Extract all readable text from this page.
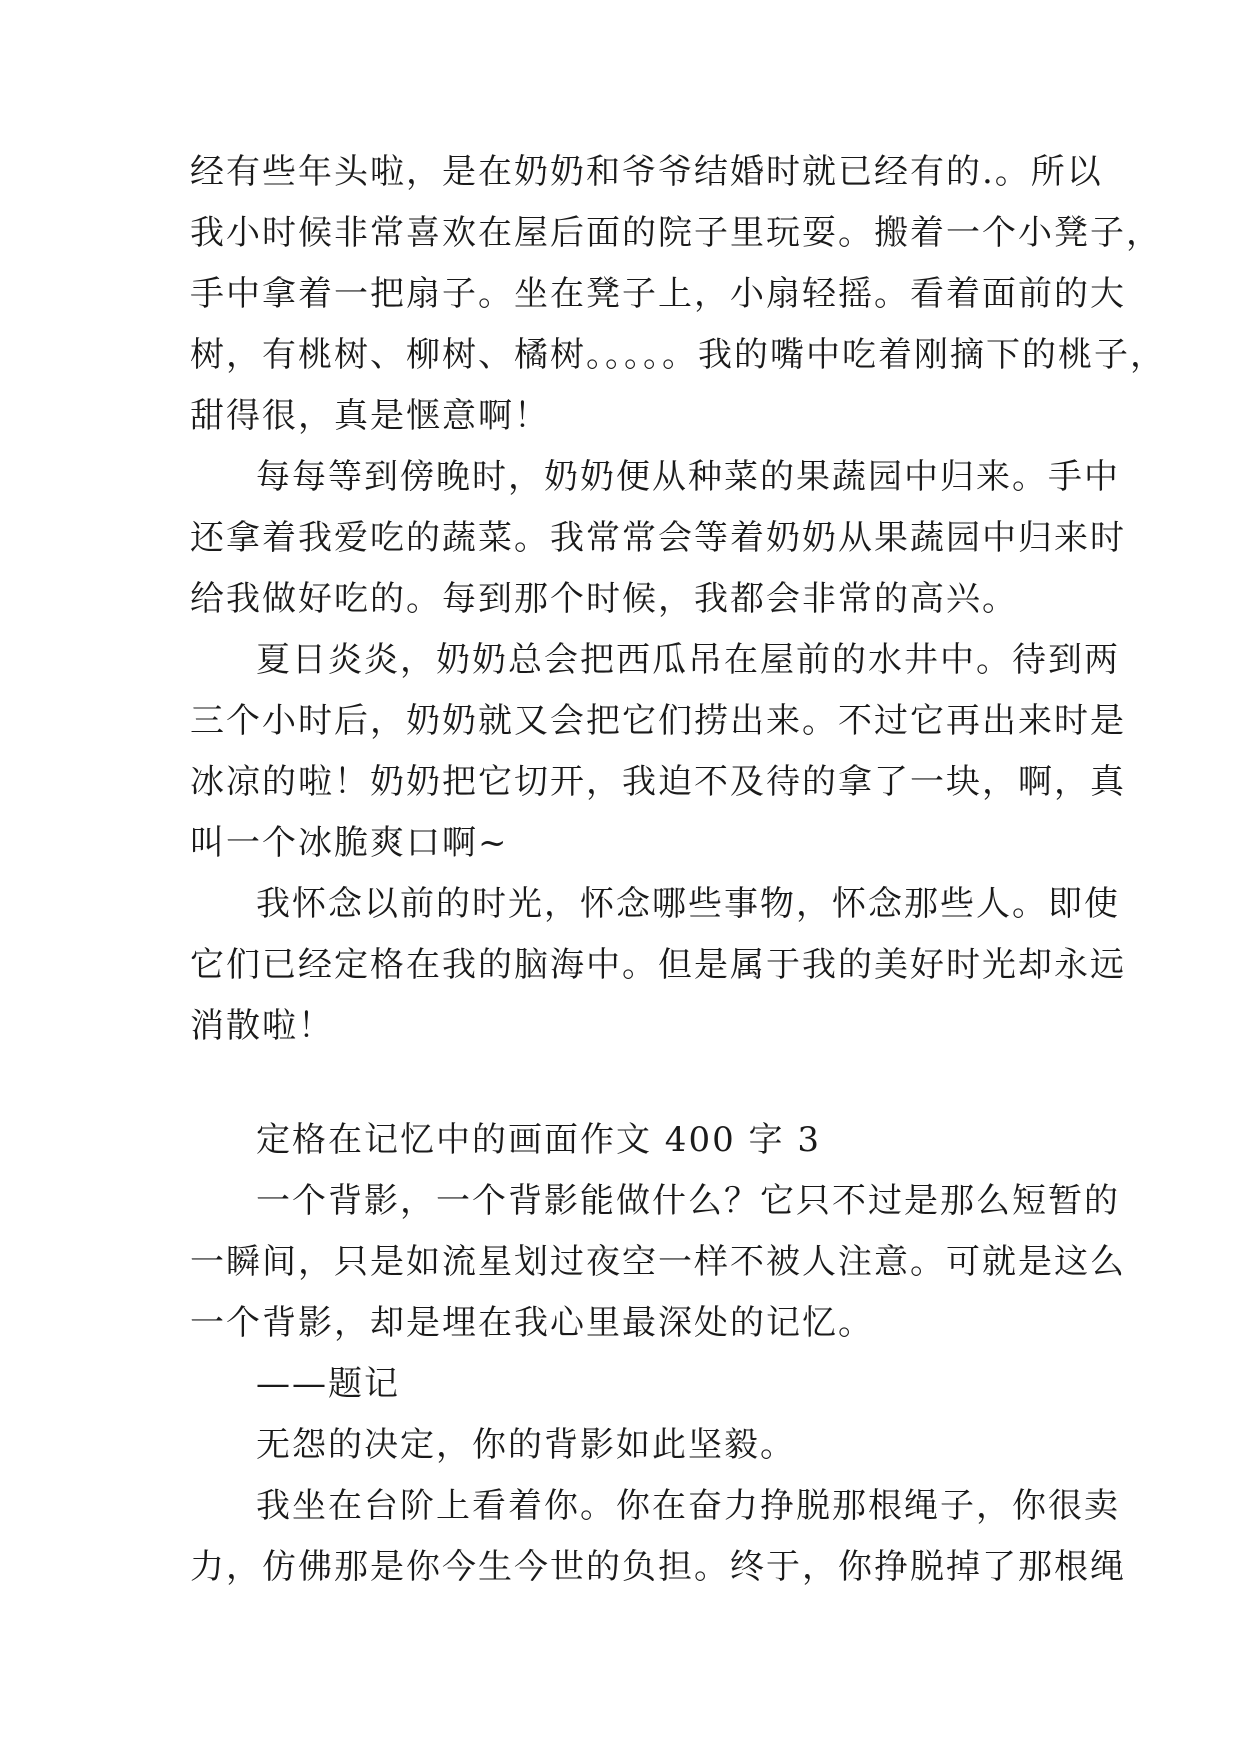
经有些年头啦，是在奶奶和爷爷结婚时就已经有的.。所以
我小时候非常喜欢在屋后面的院子里玩耍。搬着一个小凳子，
手中拿着一把扇子。坐在凳子上，小扇轻摇。看着面前的大
树，有桃树、柳树、橘树。。。。。我的嘴中吃着刚摘下的桃子，
甜得很，真是惬意啊！
每每等到傍晚时，奶奶便从种菜的果蔬园中归来。手中
还拿着我爱吃的蔬菜。我常常会等着奶奶从果蔬园中归来时
给我做好吃的。每到那个时候，我都会非常的高兴。
夏日炎炎，奶奶总会把西瓜吊在屋前的水井中。待到两
三个小时后，奶奶就又会把它们捞出来。不过它再出来时是
冰凉的啦！奶奶把它切开，我迫不及待的拿了一块，啊，真
叫一个冰脆爽口啊~
我怀念以前的时光，怀念哪些事物，怀念那些人。即使
它们已经定格在我的脑海中。但是属于我的美好时光却永远
消散啦！
定格在记忆中的画面作文 400 字 3
一个背影，一个背影能做什么？它只不过是那么短暂的
一瞬间，只是如流星划过夜空一样不被人注意。可就是这么
一个背影，却是埋在我心里最深处的记忆。
——题记
无怨的决定，你的背影如此坚毅。
我坐在台阶上看着你。你在奋力挣脱那根绳子，你很卖
力，仿佛那是你今生今世的负担。终于，你挣脱掉了那根绳
